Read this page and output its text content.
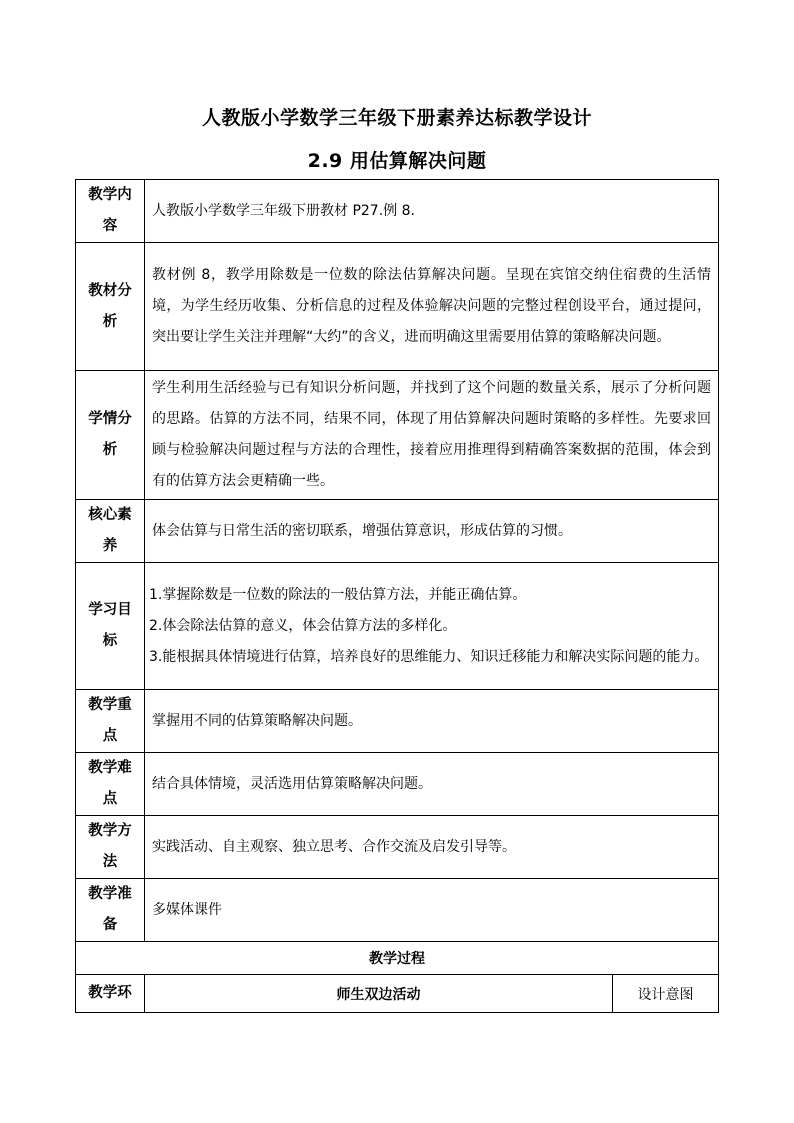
人教版小学数学三年级下册素养达标教学设计
2.9 用估算解决问题
教学内容	人教版小学数学三年级下册教材 P27.例 8.	
教材分析	教材例 8，教学用除数是一位数的除法估算解决问题。呈现在宾馆交纳住宿费的生活情境，为学生经历收集、分析信息的过程及体验解决问题的完整过程创设平台，通过提问，突出要让学生关注并理解“大约”的含义，进而明确这里需要用估算的策略解决问题。	
学情分析	学生利用生活经验与已有知识分析问题，并找到了这个问题的数量关系，展示了分析问题的思路。估算的方法不同，结果不同，体现了用估算解决问题时策略的多样性。先要求回顾与检验解决问题过程与方法的合理性，接着应用推理得到精确答案数据的范围，体会到有的估算方法会更精确一些。	
核心素养	体会估算与日常生活的密切联系，增强估算意识，形成估算的习惯。	
学习目标	1.掌握除数是一位数的除法的一般估算方法，并能正确估算。
2.体会除法估算的意义，体会估算方法的多样化。
3.能根据具体情境进行估算，培养良好的思维能力、知识迁移能力和解决实际问题的能力。	

教学重点	掌握用不同的估算策略解决问题。	
教学难点	结合具体情境，灵活选用估算策略解决问题。	
教学方法	实践活动、自主观察、独立思考、合作交流及启发引导等。	
教学准备	多媒体课件	
教学过程		
教学环	师生双边活动	设计意图
